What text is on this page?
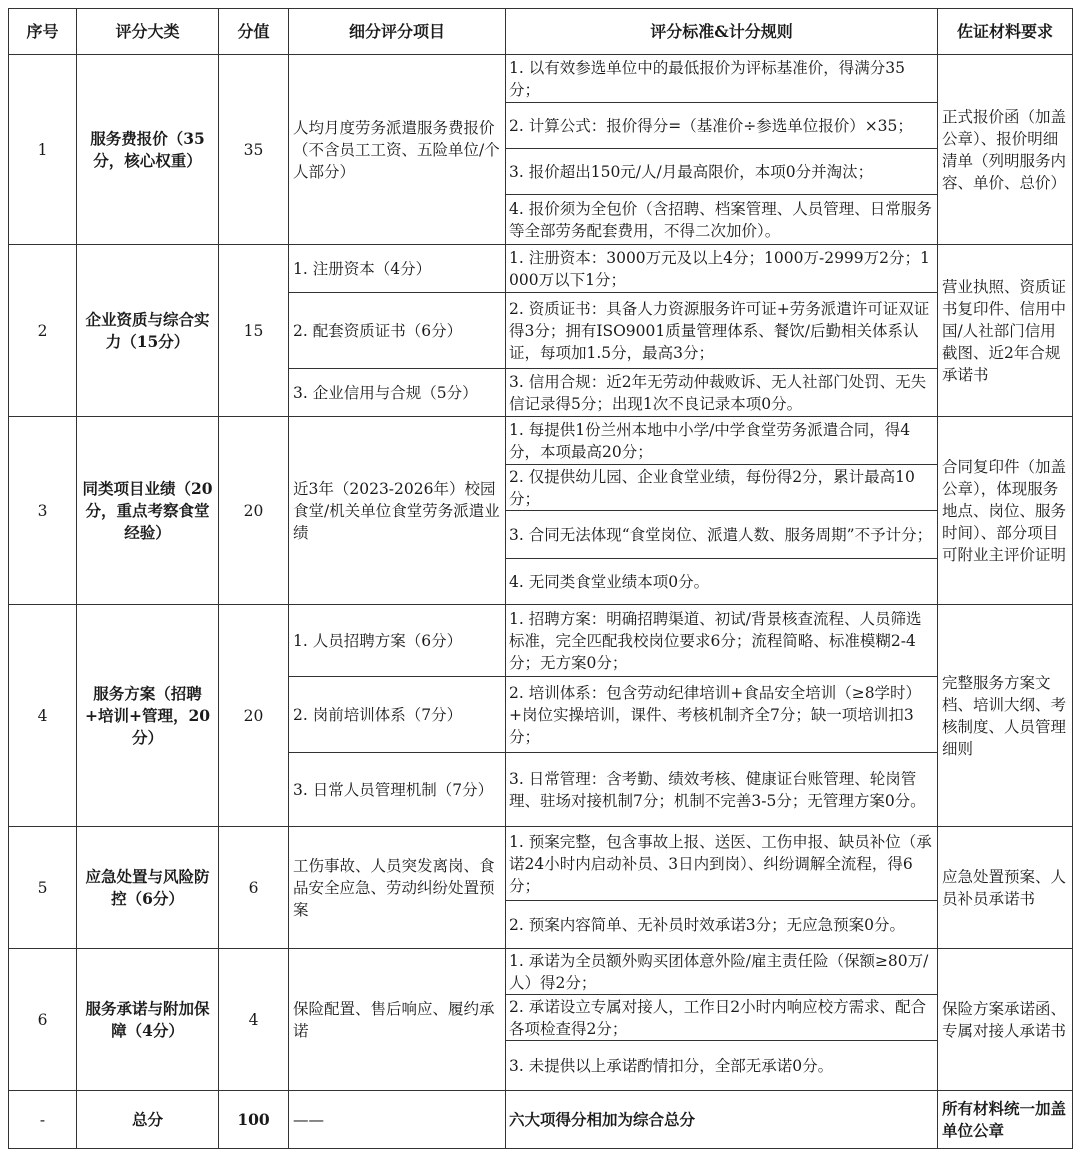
序号	评分大类	分值	细分评分项目	评分标准&计分规则	佐证材料要求
1	服务费报价（35分，核心权重）	35	人均月度劳务派遣服务费报价（不含员工工资、五险单位/个人部分）	1. 以有效参选单位中的最低报价为评标基准价，得满分35分；	正式报价函（加盖公章）、报价明细清单（列明服务内容、单价、总价）
				2. 计算公式：报价得分=（基准价÷参选单位报价）×35；	
				3. 报价超出150元/人/月最高限价，本项0分并淘汰；	
				4. 报价须为全包价（含招聘、档案管理、人员管理、日常服务等全部劳务配套费用，不得二次加价）。	
2	企业资质与综合实力（15分）	15	1. 注册资本（4分）	1. 注册资本：3000万元及以上4分；1000万-2999万2分；1000万以下1分；	营业执照、资质证书复印件、信用中国/人社部门信用截图、近2年合规承诺书
			2. 配套资质证书（6分）	2. 资质证书：具备人力资源服务许可证+劳务派遣许可证双证得3分；拥有ISO9001质量管理体系、餐饮/后勤相关体系认证，每项加1.5分，最高3分；	
			3. 企业信用与合规（5分）	3. 信用合规：近2年无劳动仲裁败诉、无人社部门处罚、无失信记录得5分；出现1次不良记录本项0分。	
3	同类项目业绩（20分，重点考察食堂经验）	20	近3年（2023-2026年）校园食堂/机关单位食堂劳务派遣业绩	1. 每提供1份兰州本地中小学/中学食堂劳务派遣合同，得4分，本项最高20分；	合同复印件（加盖公章），体现服务地点、岗位、服务时间）、部分项目可附业主评价证明
				2. 仅提供幼儿园、企业食堂业绩，每份得2分，累计最高10分；	
				3. 合同无法体现“食堂岗位、派遣人数、服务周期”不予计分；	
				4. 无同类食堂业绩本项0分。	
4	服务方案（招聘+培训+管理，20分）	20	1. 人员招聘方案（6分）	1. 招聘方案：明确招聘渠道、初试/背景核查流程、人员筛选标准，完全匹配我校岗位要求6分；流程简略、标准模糊2-4分；无方案0分；	完整服务方案文档、培训大纲、考核制度、人员管理细则
			2. 岗前培训体系（7分）	2. 培训体系：包含劳动纪律培训+食品安全培训（≥8学时）+岗位实操培训，课件、考核机制齐全7分；缺一项培训扣3分；	
			3. 日常人员管理机制（7分）	3. 日常管理：含考勤、绩效考核、健康证台账管理、轮岗管理、驻场对接机制7分；机制不完善3-5分；无管理方案0分。	
5	应急处置与风险防控（6分）	6	工伤事故、人员突发离岗、食品安全应急、劳动纠纷处置预案	1. 预案完整，包含事故上报、送医、工伤申报、缺员补位（承诺24小时内启动补员、3日内到岗）、纠纷调解全流程，得6分；	应急处置预案、人员补员承诺书
				2. 预案内容简单、无补员时效承诺3分；无应急预案0分。	
6	服务承诺与附加保障（4分）	4	保险配置、售后响应、履约承诺	1. 承诺为全员额外购买团体意外险/雇主责任险（保额≥80万/人）得2分；	保险方案承诺函、专属对接人承诺书
				2. 承诺设立专属对接人，工作日2小时内响应校方需求、配合各项检查得2分；	
				3. 未提供以上承诺酌情扣分，全部无承诺0分。	
-	总分	100	——	六大项得分相加为综合总分	所有材料统一加盖单位公章
